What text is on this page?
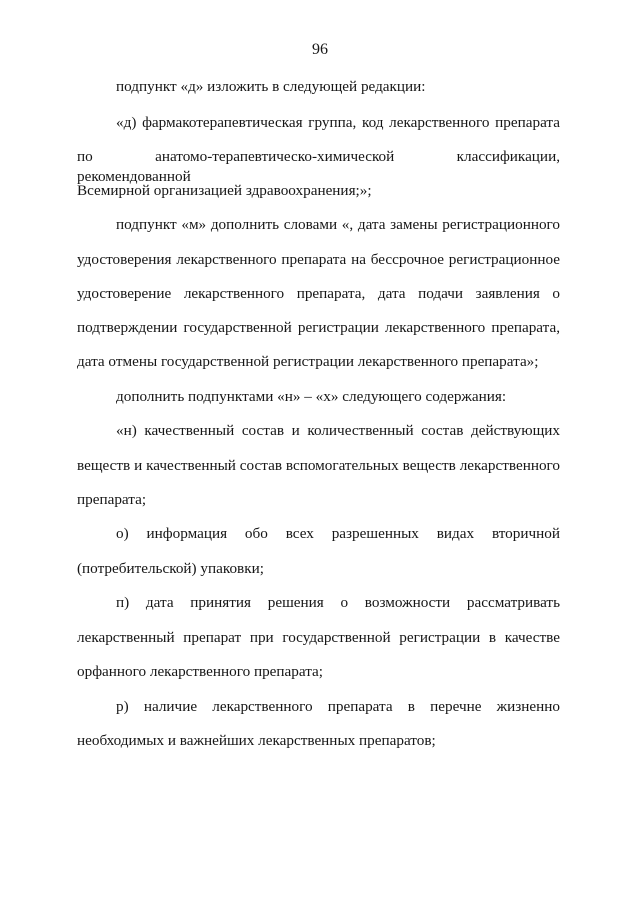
96
подпункт «д» изложить в следующей редакции:
«д) фармакотерапевтическая группа, код лекарственного препарата
по анатомо-терапевтическо-химической классификации, рекомендованной
Всемирной организацией здравоохранения;»;
подпункт «м» дополнить словами «, дата замены регистрационного
удостоверения лекарственного препарата на бессрочное регистрационное
удостоверение лекарственного препарата, дата подачи заявления о
подтверждении государственной регистрации лекарственного препарата,
дата отмены государственной регистрации лекарственного препарата»;
дополнить подпунктами «н» – «х» следующего содержания:
«н) качественный состав и количественный состав действующих
веществ и качественный состав вспомогательных веществ лекарственного
препарата;
о) информация обо всех разрешенных видах вторичной
(потребительской) упаковки;
п) дата принятия решения о возможности рассматривать
лекарственный препарат при государственной регистрации в качестве
орфанного лекарственного препарата;
р) наличие лекарственного препарата в перечне жизненно
необходимых и важнейших лекарственных препаратов;
